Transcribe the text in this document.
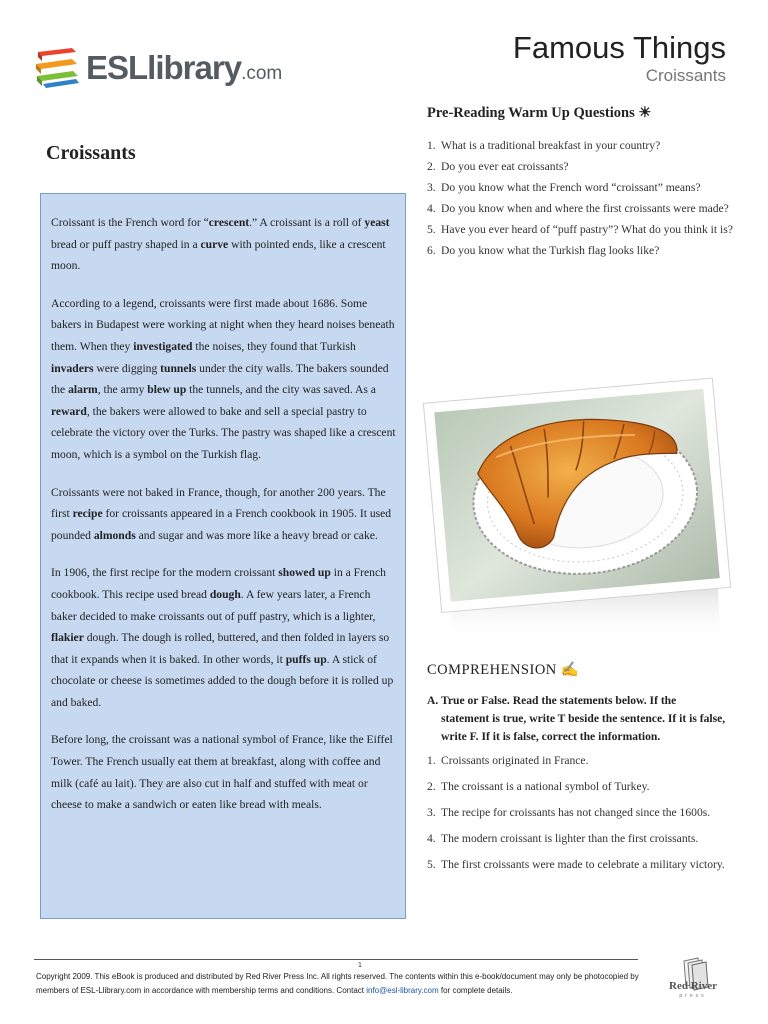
ESLlibrary.com
Famous Things
Croissants
Croissants

Croissant is the French word for “crescent.” A croissant is a roll of yeast bread or puff pastry shaped in a curve with pointed ends, like a crescent moon.

According to a legend, croissants were first made about 1686. Some bakers in Budapest were working at night when they heard noises beneath them. When they investigated the noises, they found that Turkish invaders were digging tunnels under the city walls. The bakers sounded the alarm, the army blew up the tunnels, and the city was saved. As a reward, the bakers were allowed to bake and sell a special pastry to celebrate the victory over the Turks. The pastry was shaped like a crescent moon, which is a symbol on the Turkish flag.

Croissants were not baked in France, though, for another 200 years. The first recipe for croissants appeared in a French cookbook in 1905. It used pounded almonds and sugar and was more like a heavy bread or cake.

In 1906, the first recipe for the modern croissant showed up in a French cookbook. This recipe used bread dough. A few years later, a French baker decided to make croissants out of puff pastry, which is a lighter, flakier dough. The dough is rolled, buttered, and then folded in layers so that it expands when it is baked. In other words, it puffs up. A stick of chocolate or cheese is sometimes added to the dough before it is rolled up and baked.

Before long, the croissant was a national symbol of France, like the Eiffel Tower. The French usually eat them at breakfast, along with coffee and milk (café au lait). They are also cut in half and stuffed with meat or cheese to make a sandwich or eaten like bread with meals.

Pre-Reading Warm Up Questions ☀
1. What is a traditional breakfast in your country?
2. Do you ever eat croissants?
3. Do you know what the French word “croissant” means?
4. Do you know when and where the first croissants were made?
5. Have you ever heard of “puff pastry”? What do you think it is?
6. Do you know what the Turkish flag looks like?
COMPREHENSION ✍
A. True or False. Read the statements below. If the statement is true, write T beside the sentence. If it is false, write F. If it is false, correct the information.
1. Croissants originated in France.
2. The croissant is a national symbol of Turkey.
3. The recipe for croissants has not changed since the 1600s.
4. The modern croissant is lighter than the first croissants.
5. The first croissants were made to celebrate a military victory.
1
Copyright 2009. This eBook is produced and distributed by Red River Press Inc. All rights reserved. The contents within this e-book/document may only be photocopied by members of ESL-Llibrary.com in accordance with membership terms and conditions. Contact info@esl-library.com for complete details.	Red River
press
